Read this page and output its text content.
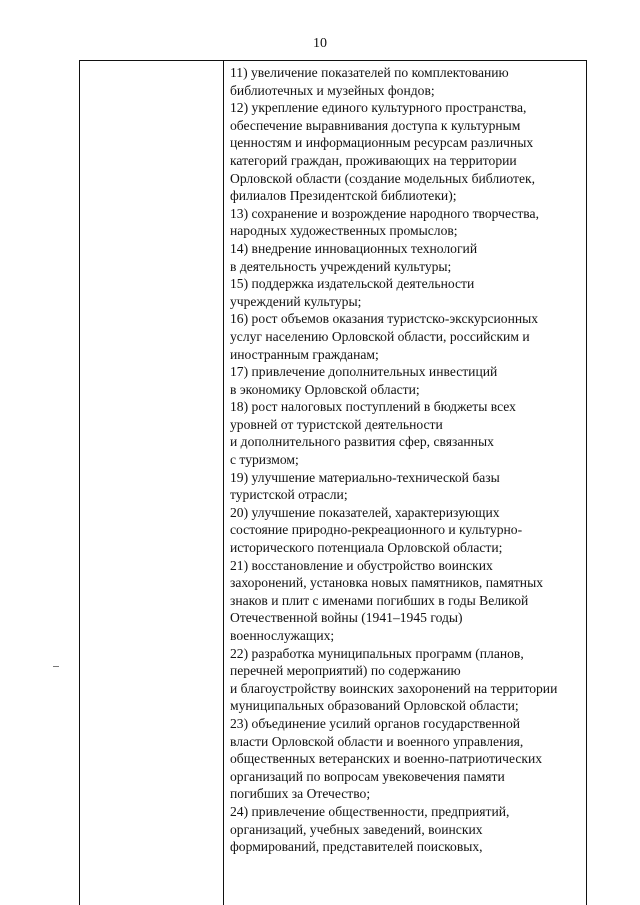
10
11) увеличение показателей по комплектованию
библиотечных и музейных фондов;
12) укрепление единого культурного пространства,
обеспечение выравнивания доступа к культурным
ценностям и информационным ресурсам различных
категорий граждан, проживающих на территории
Орловской области (создание модельных библиотек,
филиалов Президентской библиотеки);
13) сохранение и возрождение народного творчества,
народных художественных промыслов;
14) внедрение инновационных технологий
в деятельность учреждений культуры;
15) поддержка издательской деятельности
учреждений культуры;
16) рост объемов оказания туристско-экскурсионных
услуг населению Орловской области, российским и
иностранным гражданам;
17) привлечение дополнительных инвестиций
в экономику Орловской области;
18) рост налоговых поступлений в бюджеты всех
уровней от туристской деятельности
и дополнительного развития сфер, связанных
с туризмом;
19) улучшение материально-технической базы
туристской отрасли;
20) улучшение показателей, характеризующих
состояние природно-рекреационного и культурно-
исторического потенциала Орловской области;
21) восстановление и обустройство воинских
захоронений, установка новых памятников, памятных
знаков и плит с именами погибших в годы Великой
Отечественной войны (1941–1945 годы)
военнослужащих;
22) разработка муниципальных программ (планов,
перечней мероприятий) по содержанию
и благоустройству воинских захоронений на территории
муниципальных образований Орловской области;
23) объединение усилий органов государственной
власти Орловской области и военного управления,
общественных ветеранских и военно-патриотических
организаций по вопросам увековечения памяти
погибших за Отечество;
24) привлечение общественности, предприятий,
организаций, учебных заведений, воинских
формирований, представителей поисковых,
